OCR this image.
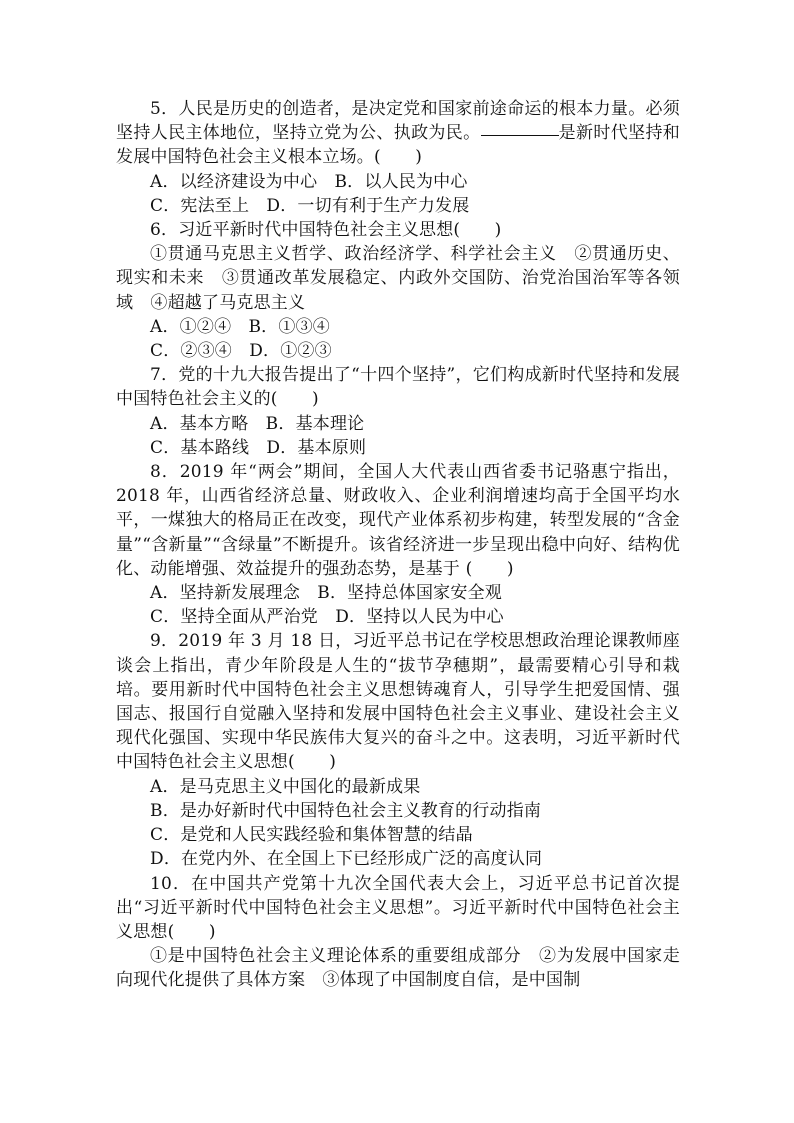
5．人民是历史的创造者，是决定党和国家前途命运的根本力量。必须坚持人民主体地位，坚持立党为公、执政为民。	是新时代坚持和发展中国特色社会主义根本立场。(　　)

A．以经济建设为中心　B．以人民为中心

C．宪法至上　D．一切有利于生产力发展

6．习近平新时代中国特色社会主义思想(　　)

①贯通马克思主义哲学、政治经济学、科学社会主义　②贯通历史、现实和未来　③贯通改革发展稳定、内政外交国防、治党治国治军等各领域　④超越了马克思主义

A．①②④　B．①③④

C．②③④　D．①②③

7．党的十九大报告提出了“十四个坚持”，它们构成新时代坚持和发展中国特色社会主义的(　　)

A．基本方略　B．基本理论

C．基本路线　D．基本原则

8．2019 年“两会”期间，全国人大代表山西省委书记骆惠宁指出，2018 年，山西省经济总量、财政收入、企业利润增速均高于全国平均水平，一煤独大的格局正在改变，现代产业体系初步构建，转型发展的“含金量”“含新量”“含绿量”不断提升。该省经济进一步呈现出稳中向好、结构优化、动能增强、效益提升的强劲态势，是基于 (　　)

A．坚持新发展理念　B．坚持总体国家安全观

C．坚持全面从严治党　D．坚持以人民为中心

9．2019 年 3 月 18 日，习近平总书记在学校思想政治理论课教师座谈会上指出，青少年阶段是人生的“拔节孕穗期”，最需要精心引导和栽培。要用新时代中国特色社会主义思想铸魂育人，引导学生把爱国情、强国志、报国行自觉融入坚持和发展中国特色社会主义事业、建设社会主义现代化强国、实现中华民族伟大复兴的奋斗之中。这表明，习近平新时代中国特色社会主义思想(　　)

A．是马克思主义中国化的最新成果

B．是办好新时代中国特色社会主义教育的行动指南

C．是党和人民实践经验和集体智慧的结晶

D．在党内外、在全国上下已经形成广泛的高度认同

10．在中国共产党第十九次全国代表大会上，习近平总书记首次提出“习近平新时代中国特色社会主义思想”。习近平新时代中国特色社会主义思想(　　)

①是中国特色社会主义理论体系的重要组成部分　②为发展中国家走向现代化提供了具体方案　③体现了中国制度自信，是中国制
